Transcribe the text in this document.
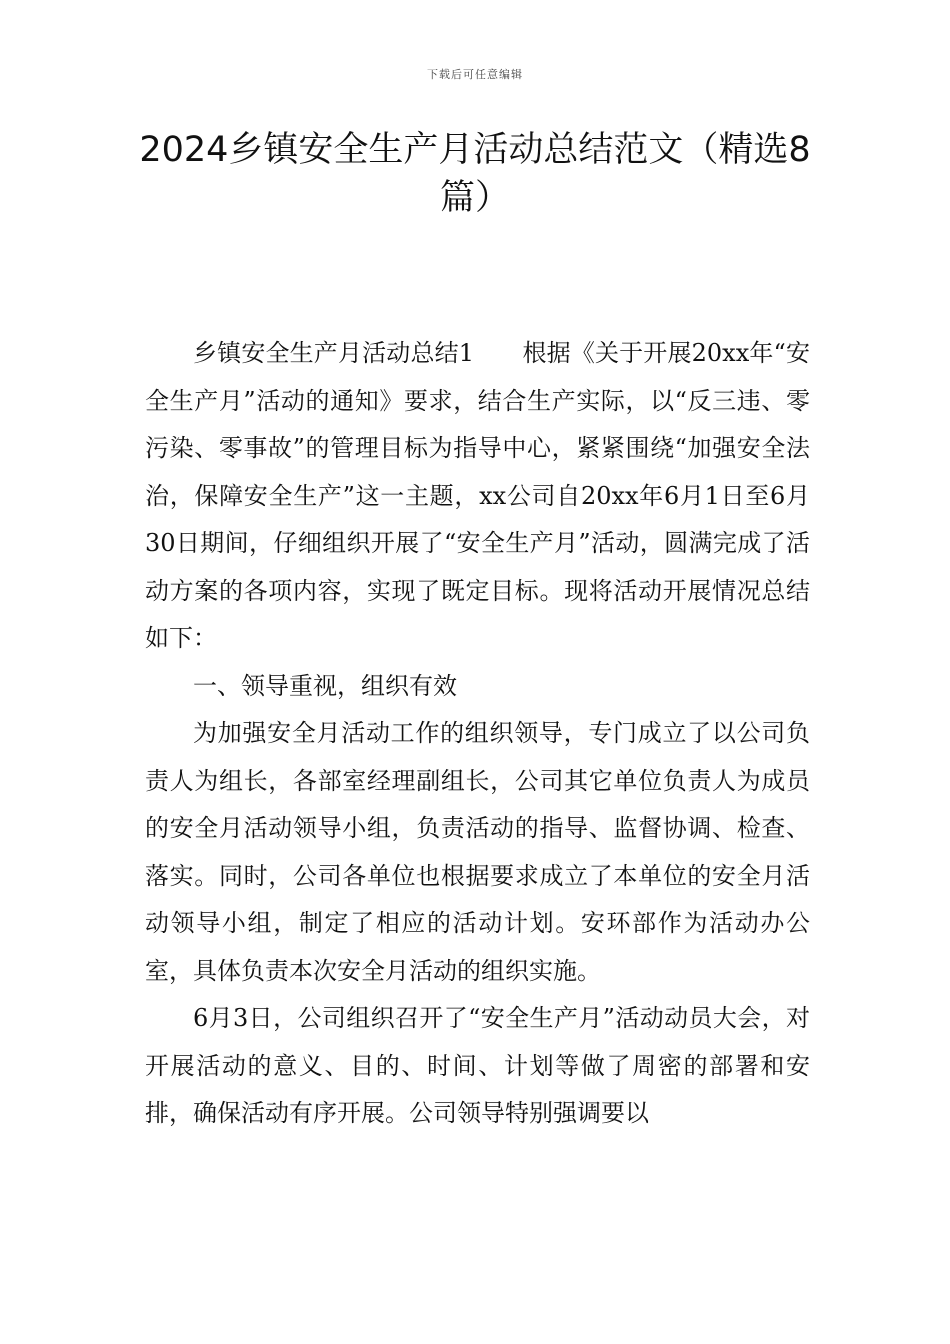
下载后可任意编辑
2024乡镇安全生产月活动总结范文（精选8篇）

乡镇安全生产月活动总结1　　根据《关于开展20xx年“安全生产月”活动的通知》要求，结合生产实际，以“反三违、零污染、零事故”的管理目标为指导中心，紧紧围绕“加强安全法治，保障安全生产”这一主题，xx公司自20xx年6月1日至6月30日期间，仔细组织开展了“安全生产月”活动，圆满完成了活动方案的各项内容，实现了既定目标。现将活动开展情况总结如下：

一、领导重视，组织有效

为加强安全月活动工作的组织领导，专门成立了以公司负责人为组长，各部室经理副组长，公司其它单位负责人为成员的安全月活动领导小组，负责活动的指导、监督协调、检查、落实。同时，公司各单位也根据要求成立了本单位的安全月活动领导小组，制定了相应的活动计划。安环部作为活动办公室，具体负责本次安全月活动的组织实施。

6月3日，公司组织召开了“安全生产月”活动动员大会，对开展活动的意义、目的、时间、计划等做了周密的部署和安排，确保活动有序开展。公司领导特别强调要以
